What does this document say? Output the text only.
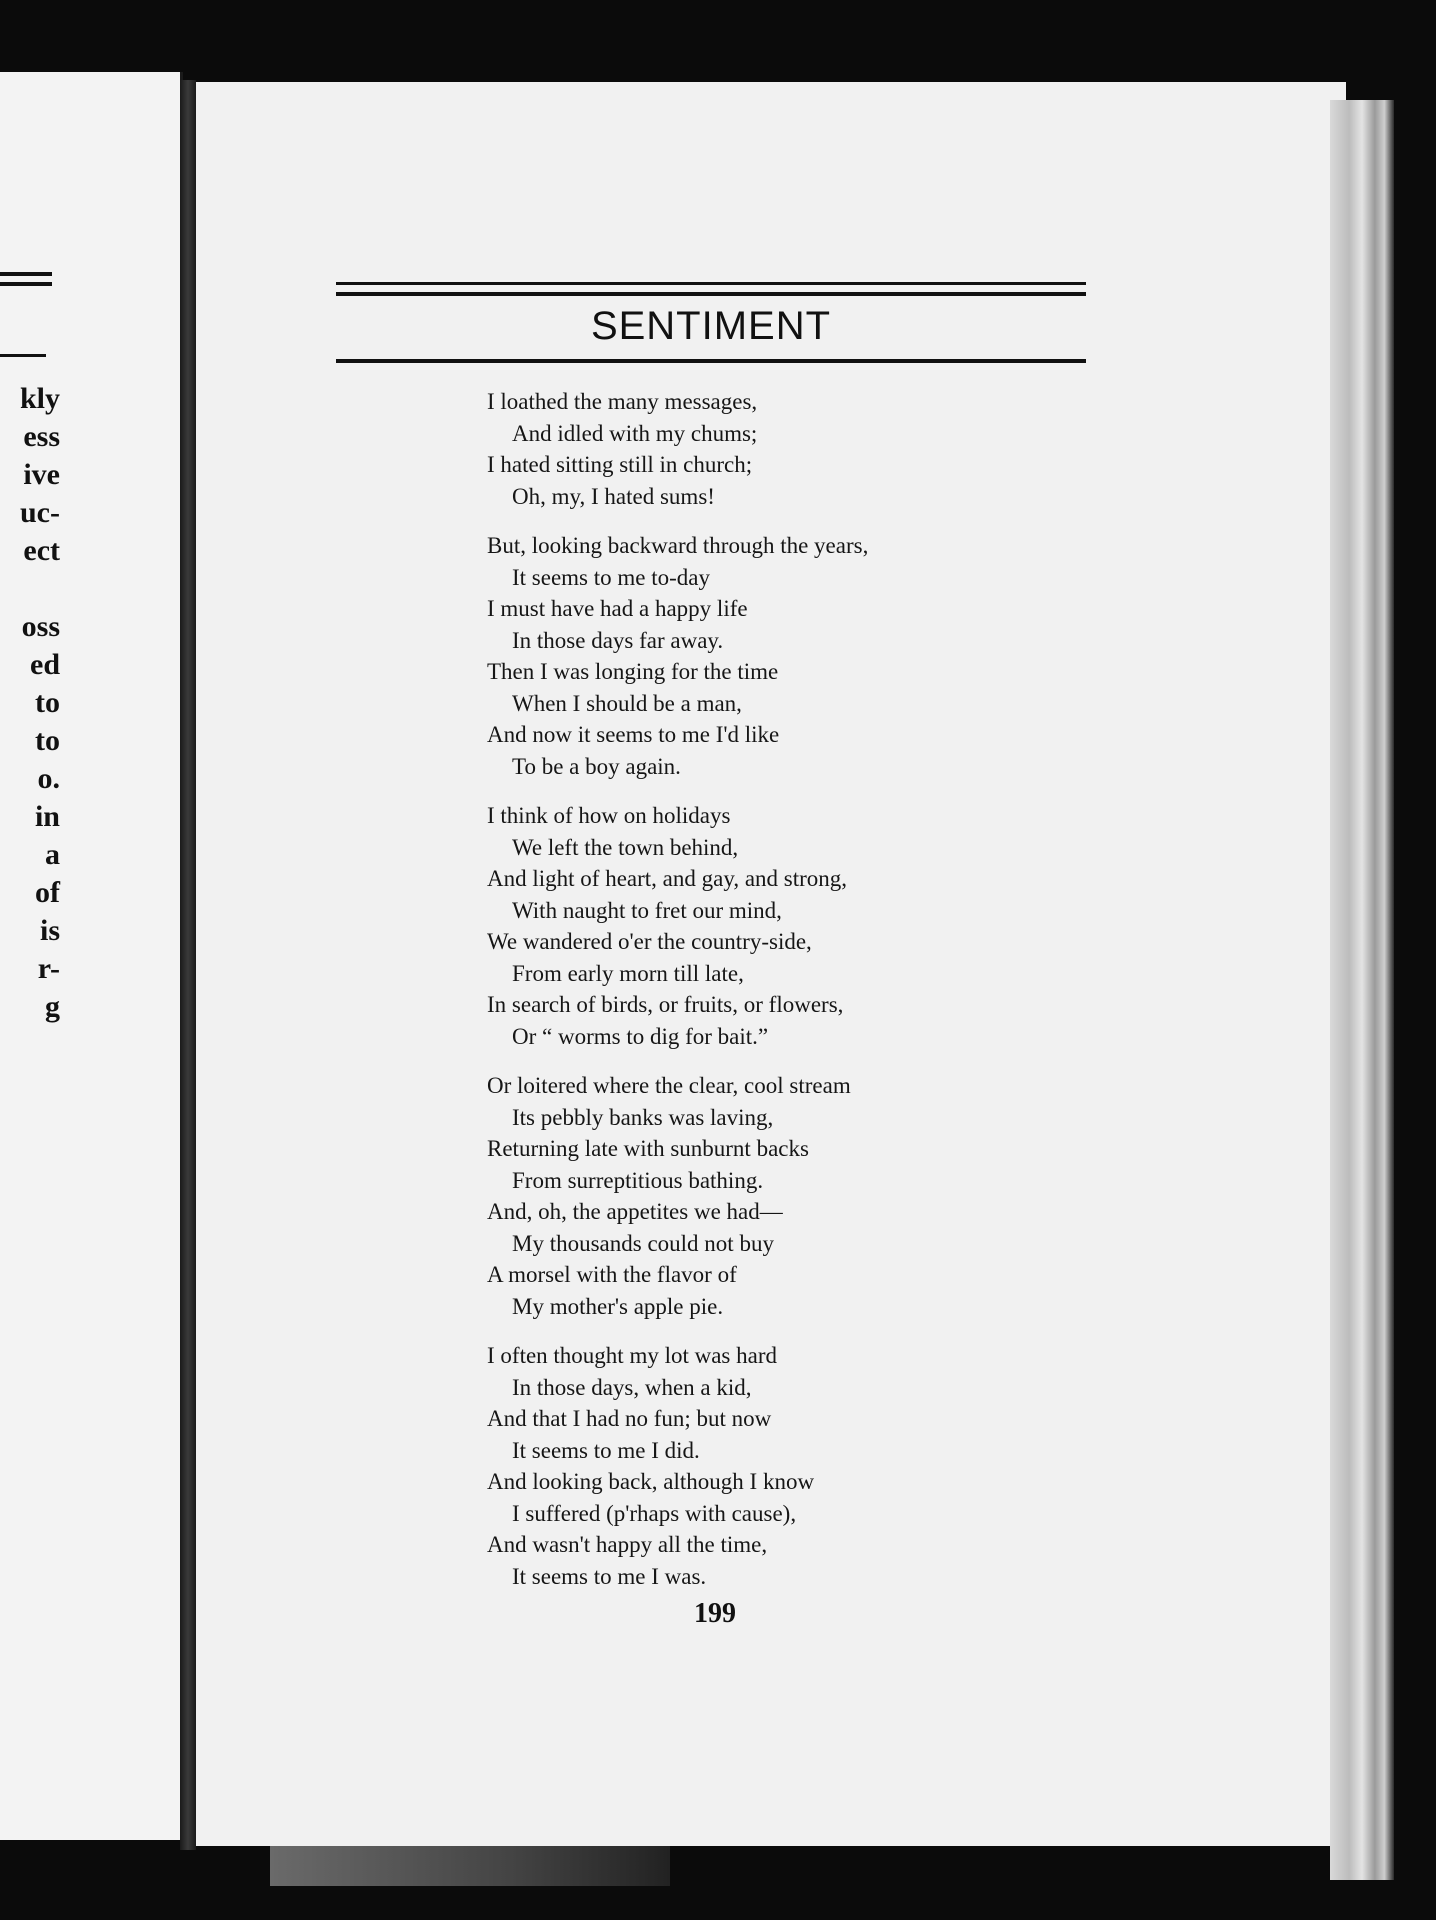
kly
ess
ive
uc-
ect
oss
ed
to
to
o.
in
a
of
is
r-
g
SENTIMENT
I loathed the many messages,
And idled with my chums;
I hated sitting still in church;
Oh, my, I hated sums!
But, looking backward through the years,
It seems to me to-day
I must have had a happy life
In those days far away.
Then I was longing for the time
When I should be a man,
And now it seems to me I'd like
To be a boy again.
I think of how on holidays
We left the town behind,
And light of heart, and gay, and strong,
With naught to fret our mind,
We wandered o'er the country-side,
From early morn till late,
In search of birds, or fruits, or flowers,
Or “ worms to dig for bait.”
Or loitered where the clear, cool stream
Its pebbly banks was laving,
Returning late with sunburnt backs
From surreptitious bathing.
And, oh, the appetites we had—
My thousands could not buy
A morsel with the flavor of
My mother's apple pie.
I often thought my lot was hard
In those days, when a kid,
And that I had no fun; but now
It seems to me I did.
And looking back, although I know
I suffered (p'rhaps with cause),
And wasn't happy all the time,
It seems to me I was.
199
